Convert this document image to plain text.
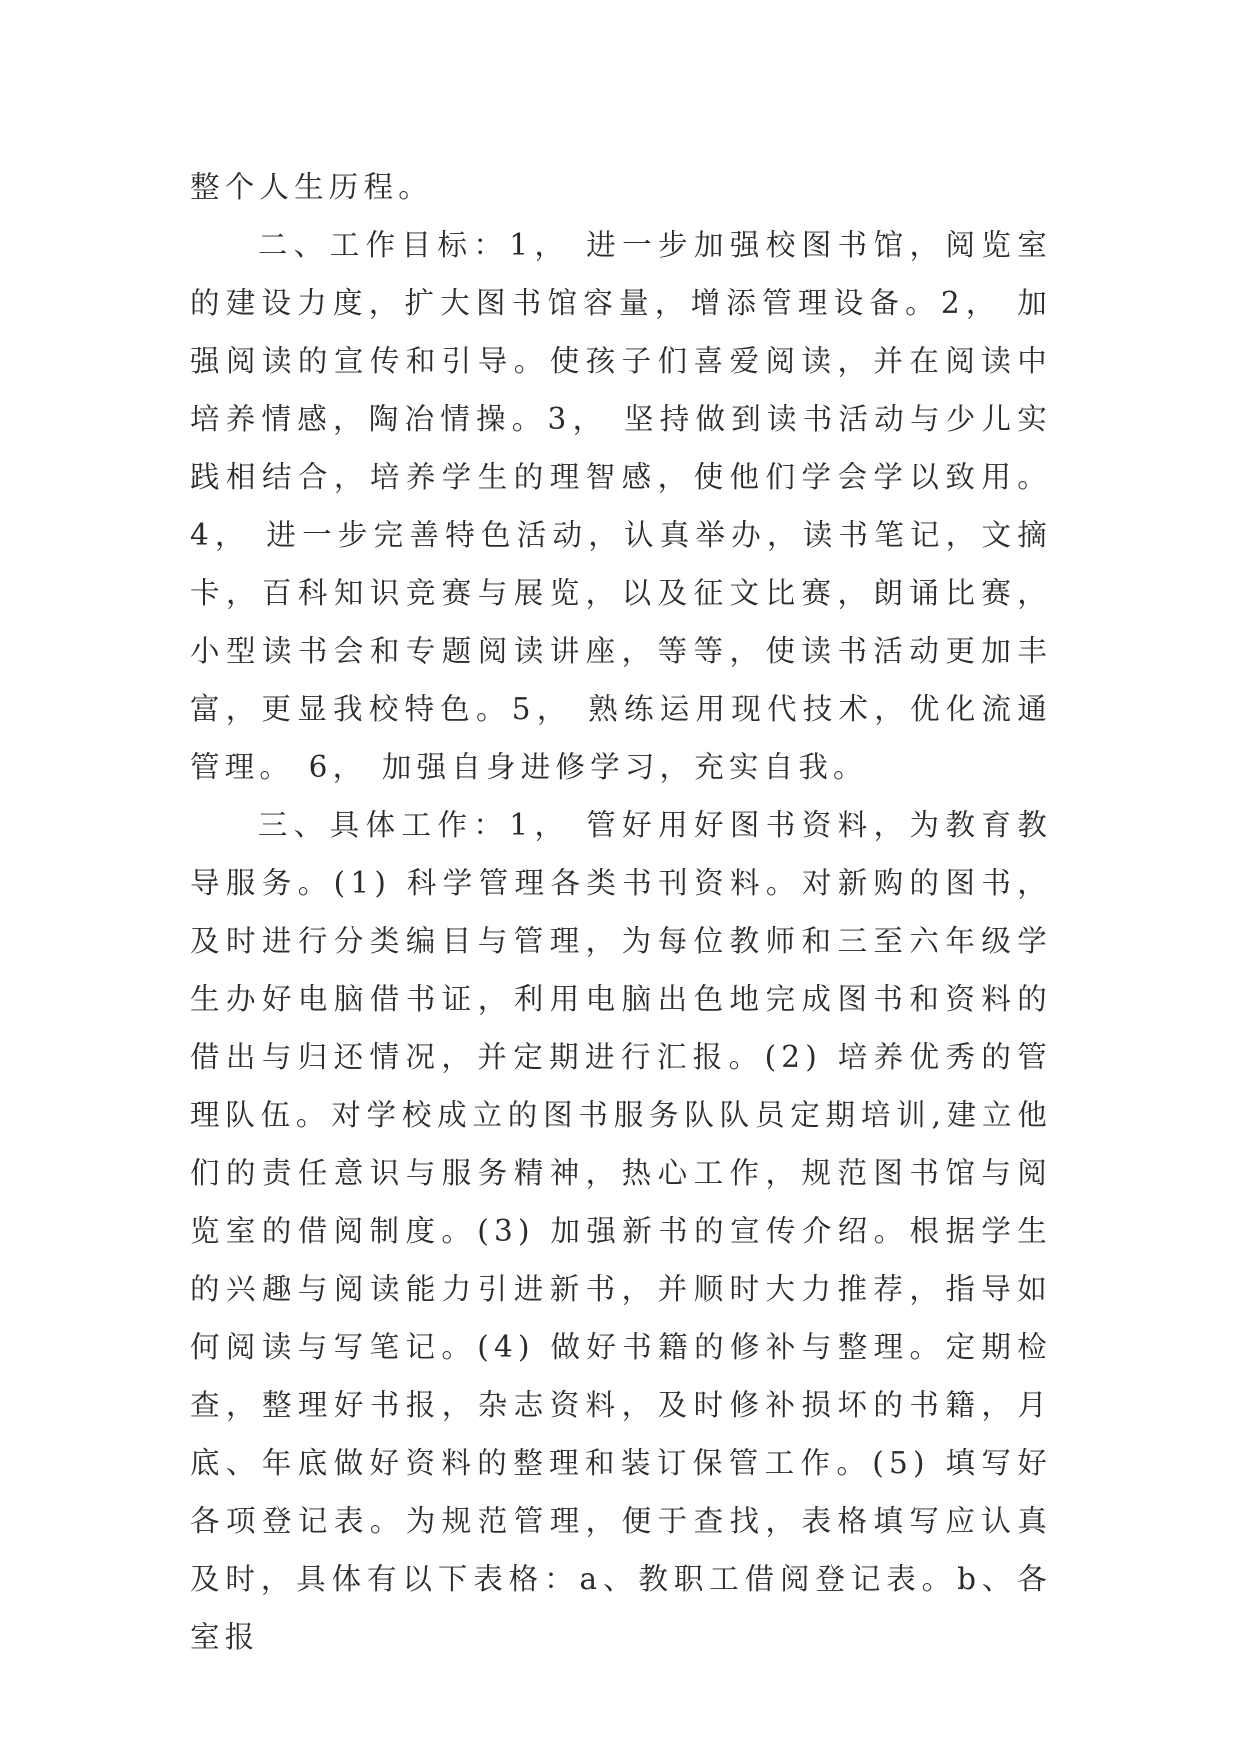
整个人生历程。

二、工作目标：1， 进一步加强校图书馆，阅览室的建设力度，扩大图书馆容量，增添管理设备。2， 加强阅读的宣传和引导。使孩子们喜爱阅读，并在阅读中培养情感，陶冶情操。3， 坚持做到读书活动与少儿实践相结合，培养学生的理智感，使他们学会学以致用。4， 进一步完善特色活动，认真举办，读书笔记，文摘卡，百科知识竞赛与展览，以及征文比赛，朗诵比赛，小型读书会和专题阅读讲座，等等，使读书活动更加丰富，更显我校特色。5， 熟练运用现代技术，优化流通管理。 6， 加强自身进修学习，充实自我。

三、具体工作：1， 管好用好图书资料，为教育教导服务。(1) 科学管理各类书刊资料。对新购的图书，及时进行分类编目与管理，为每位教师和三至六年级学生办好电脑借书证，利用电脑出色地完成图书和资料的借出与归还情况，并定期进行汇报。(2) 培养优秀的管理队伍。对学校成立的图书服务队队员定期培训,建立他们的责任意识与服务精神，热心工作，规范图书馆与阅览室的借阅制度。(3) 加强新书的宣传介绍。根据学生的兴趣与阅读能力引进新书，并顺时大力推荐，指导如何阅读与写笔记。(4) 做好书籍的修补与整理。定期检查，整理好书报，杂志资料，及时修补损坏的书籍，月底、年底做好资料的整理和装订保管工作。(5) 填写好各项登记表。为规范管理，便于查找，表格填写应认真及时，具体有以下表格：a、教职工借阅登记表。b、各室报
